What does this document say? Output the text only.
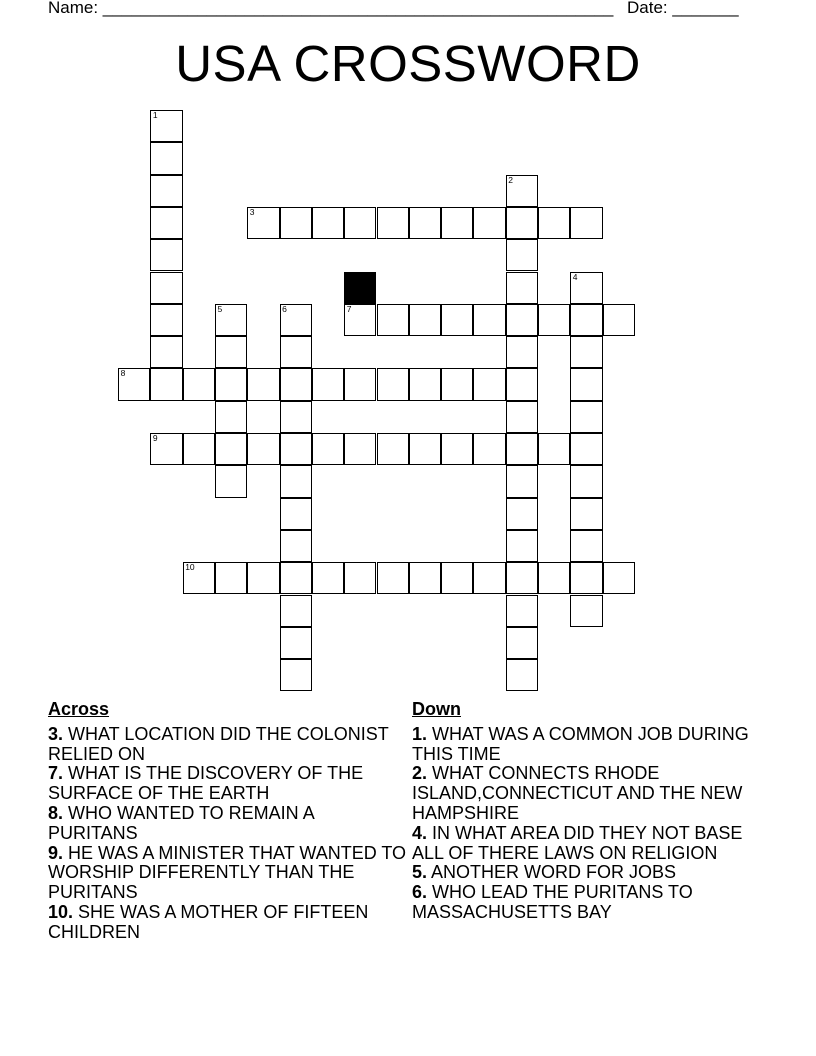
Name: ______________________________________________________ Date: _______
USA CROSSWORD
1
2
3
4
5	6	7
8
9
10
Across
3. WHAT LOCATION DID THE COLONIST RELIED ON
7. WHAT IS THE DISCOVERY OF THE SURFACE OF THE EARTH
8. WHO WANTED TO REMAIN A PURITANS
9. HE WAS A MINISTER THAT WANTED TO WORSHIP DIFFERENTLY THAN THE PURITANS
10. SHE WAS A MOTHER OF FIFTEEN CHILDREN
Down
1. WHAT WAS A COMMON JOB DURING THIS TIME
2. WHAT CONNECTS RHODE ISLAND,CONNECTICUT AND THE NEW HAMPSHIRE
4. IN WHAT AREA DID THEY NOT BASE ALL OF THERE LAWS ON RELIGION
5. ANOTHER WORD FOR JOBS
6. WHO LEAD THE PURITANS TO MASSACHUSETTS BAY
